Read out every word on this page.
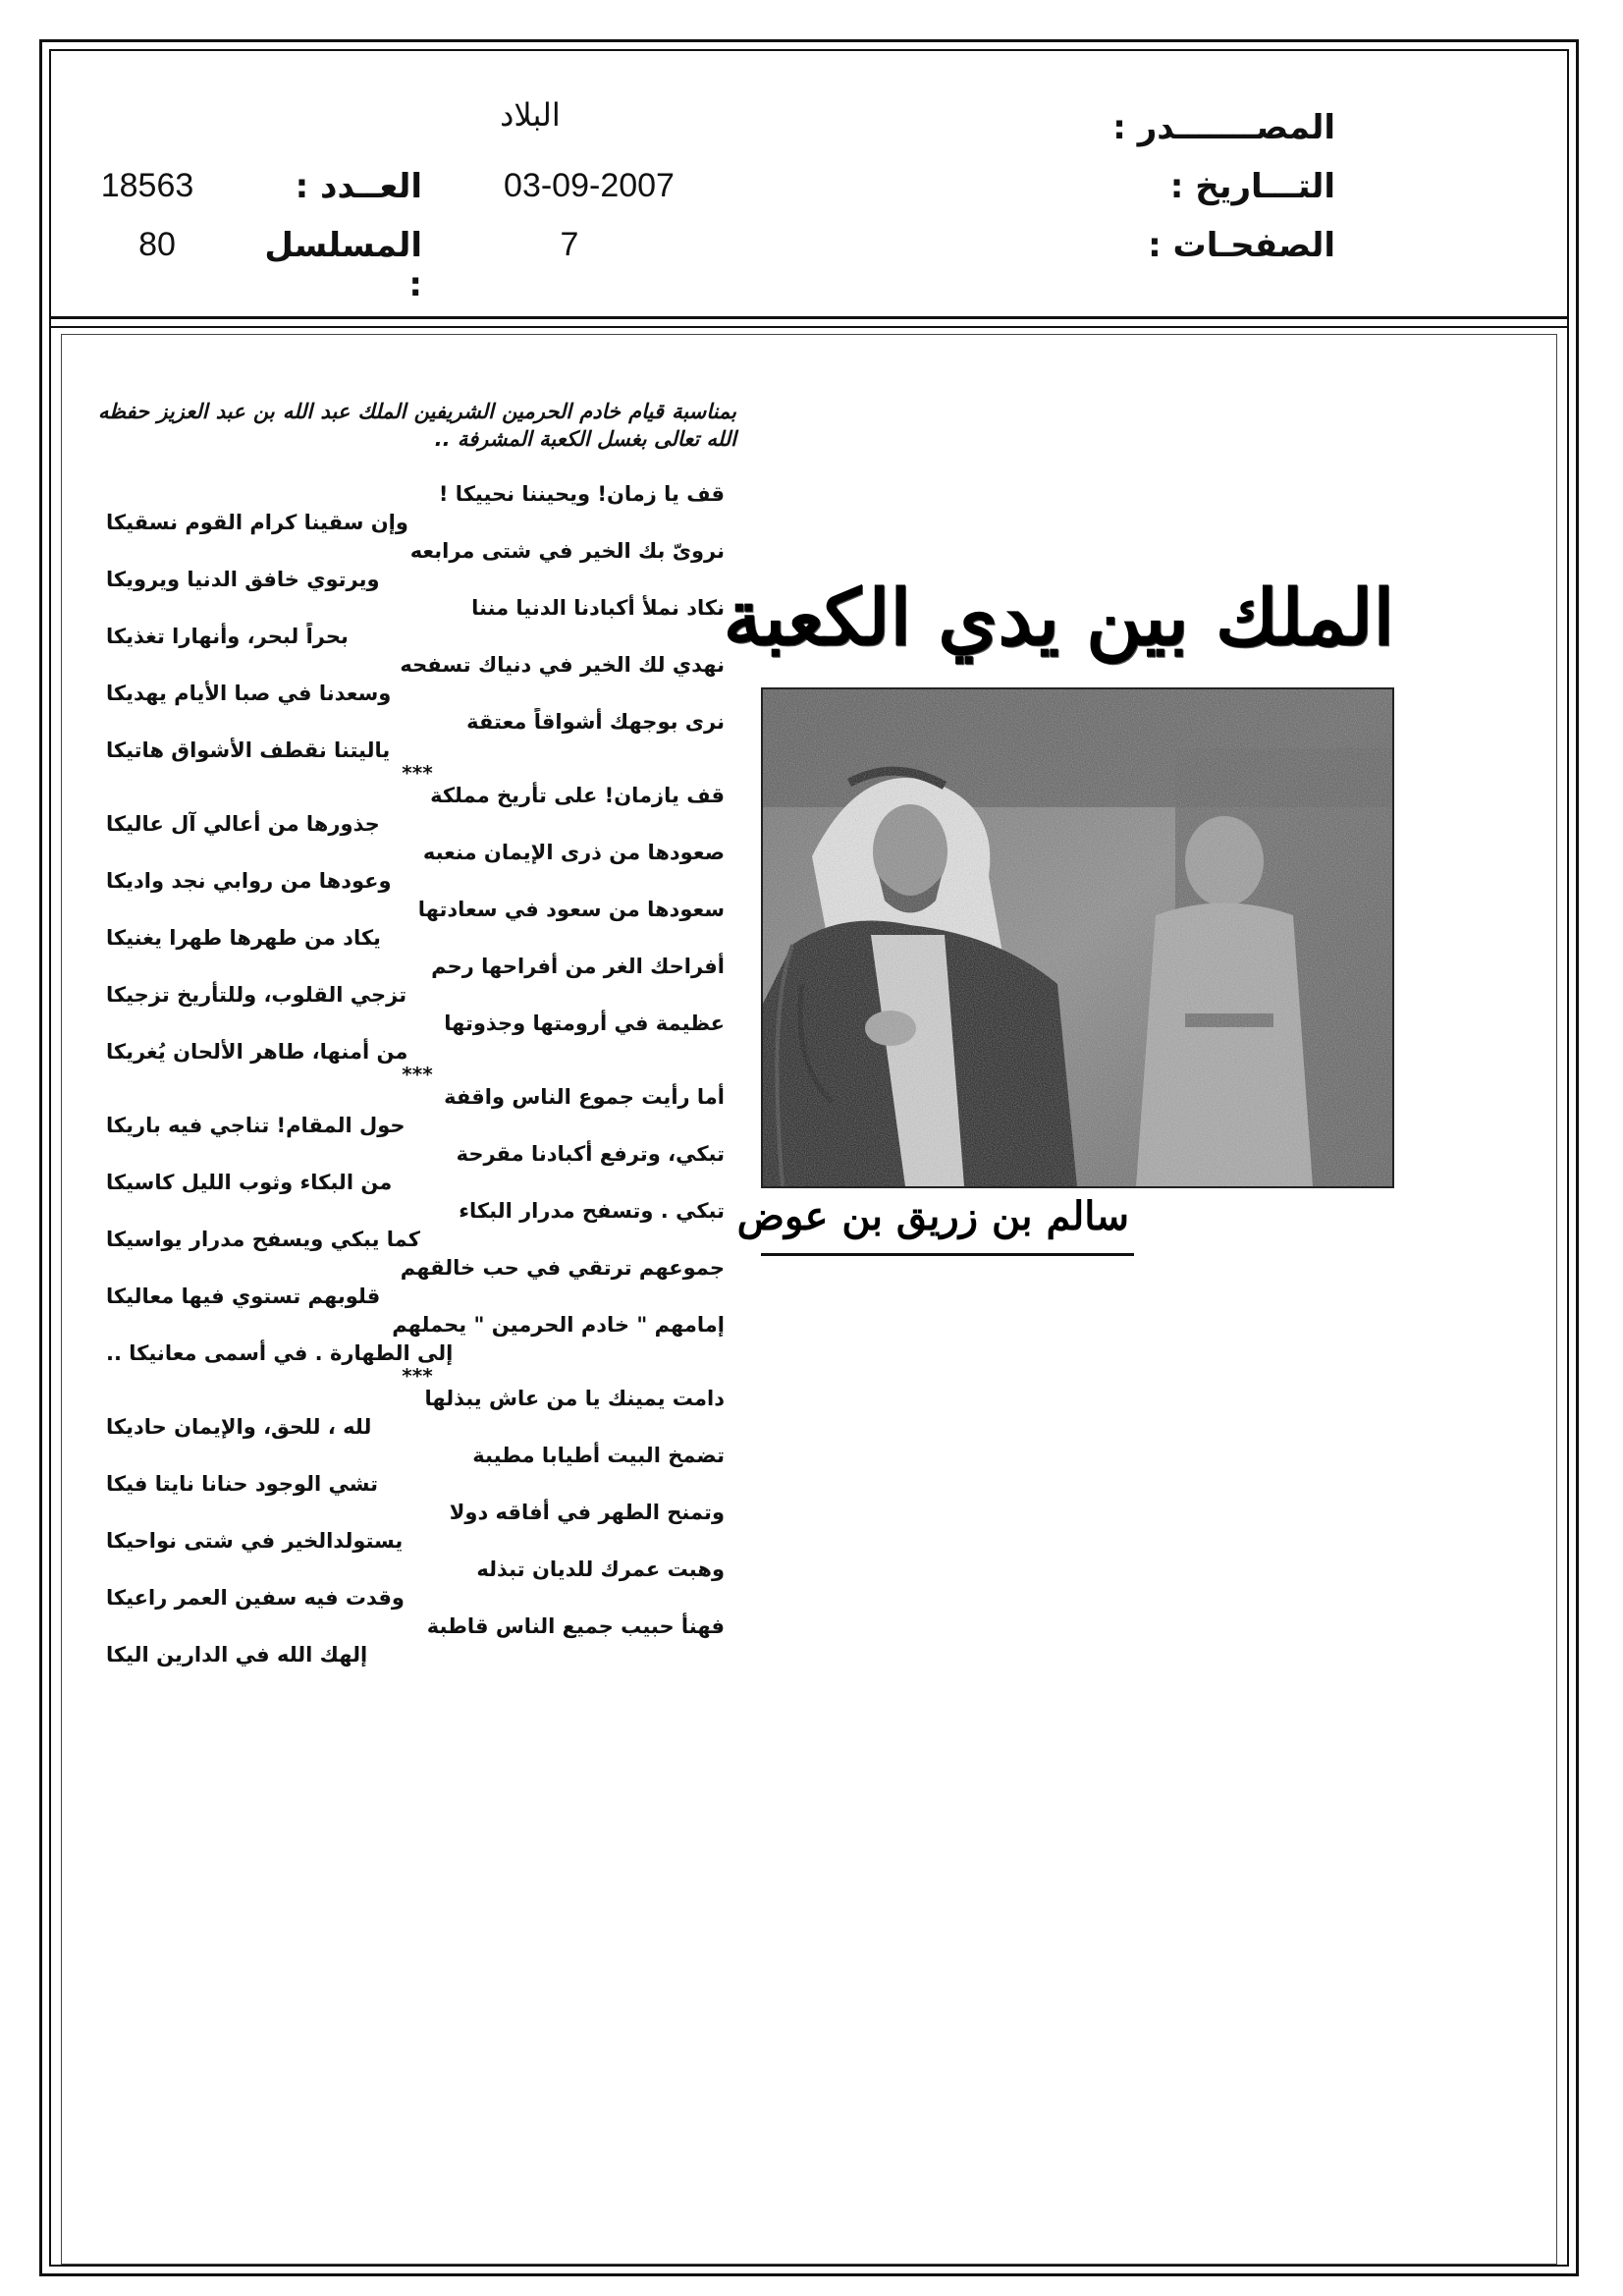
المصـــــــدر :
البلاد
التـــاريخ :
03-09-2007
الصفحـات :
7
العــدد :
18563
المسلسل :
80
الملك بين يدي الكعبة
سالم بن زريق بن عوض
بمناسبة قيام خادم الحرمين الشريفين الملك عبد الله بن عبد العزيز حفظه الله تعالى بغسل الكعبة المشرفة ..
قف يا زمان! ويحيننا نحييكا !
وإن سقينا كرام القوم نسقيكا
نروىّ بك الخير في شتى مرابعه
ويرتوي خافق الدنيا ويرويكا
نكاد نملأ أكبادنا الدنيا مننا
بحراً لبحر، وأنهارا تغذيكا
نهدي لك الخير في دنياك تسفحه
وسعدنا في صبا الأيام يهديكا
نرى بوجهك أشواقاً معتقة
ياليتنا نقطف الأشواق هاتيكا
***
قف يازمان! على تأريخ مملكة
جذورها من أعالي آل عاليكا
صعودها من ذرى الإيمان منعبه
وعودها من روابي نجد واديكا
سعودها من سعود في سعادتها
يكاد من طهرها طهرا يغنيكا
أفراحك الغر من أفراحها رحم
تزجي القلوب، وللتأريخ تزجيكا
عظيمة في أرومتها وجذوتها
من أمنها، طاهر الألحان يُغريكا
***
أما رأيت جموع الناس واقفة
حول المقام! تناجي فيه باريكا
تبكي، وترفع أكبادنا مقرحة
من البكاء وثوب الليل كاسيكا
تبكي . وتسفح مدرار البكاء
كما يبكي ويسفح مدرار يواسيكا
جموعهم ترتقي في حب خالقهم
قلوبهم تستوي فيها معاليكا
إمامهم " خادم الحرمين " يحملهم
إلى الطهارة . في أسمى معانيكا ..
***
دامت يمينك يا من عاش يبذلها
لله ، للحق، والإيمان حاديكا
تضمخ البيت أطيابا مطيبة
تشي الوجود حنانا نايتا فيكا
وتمنح الطهر في أفاقه دولا
يستولدالخير في شتى نواحيكا
وهبت عمرك للديان تبذله
وقدت فيه سفين العمر راعيكا
فهنأ حبيب جميع الناس قاطبة
إلهك الله في الدارين اليكا
